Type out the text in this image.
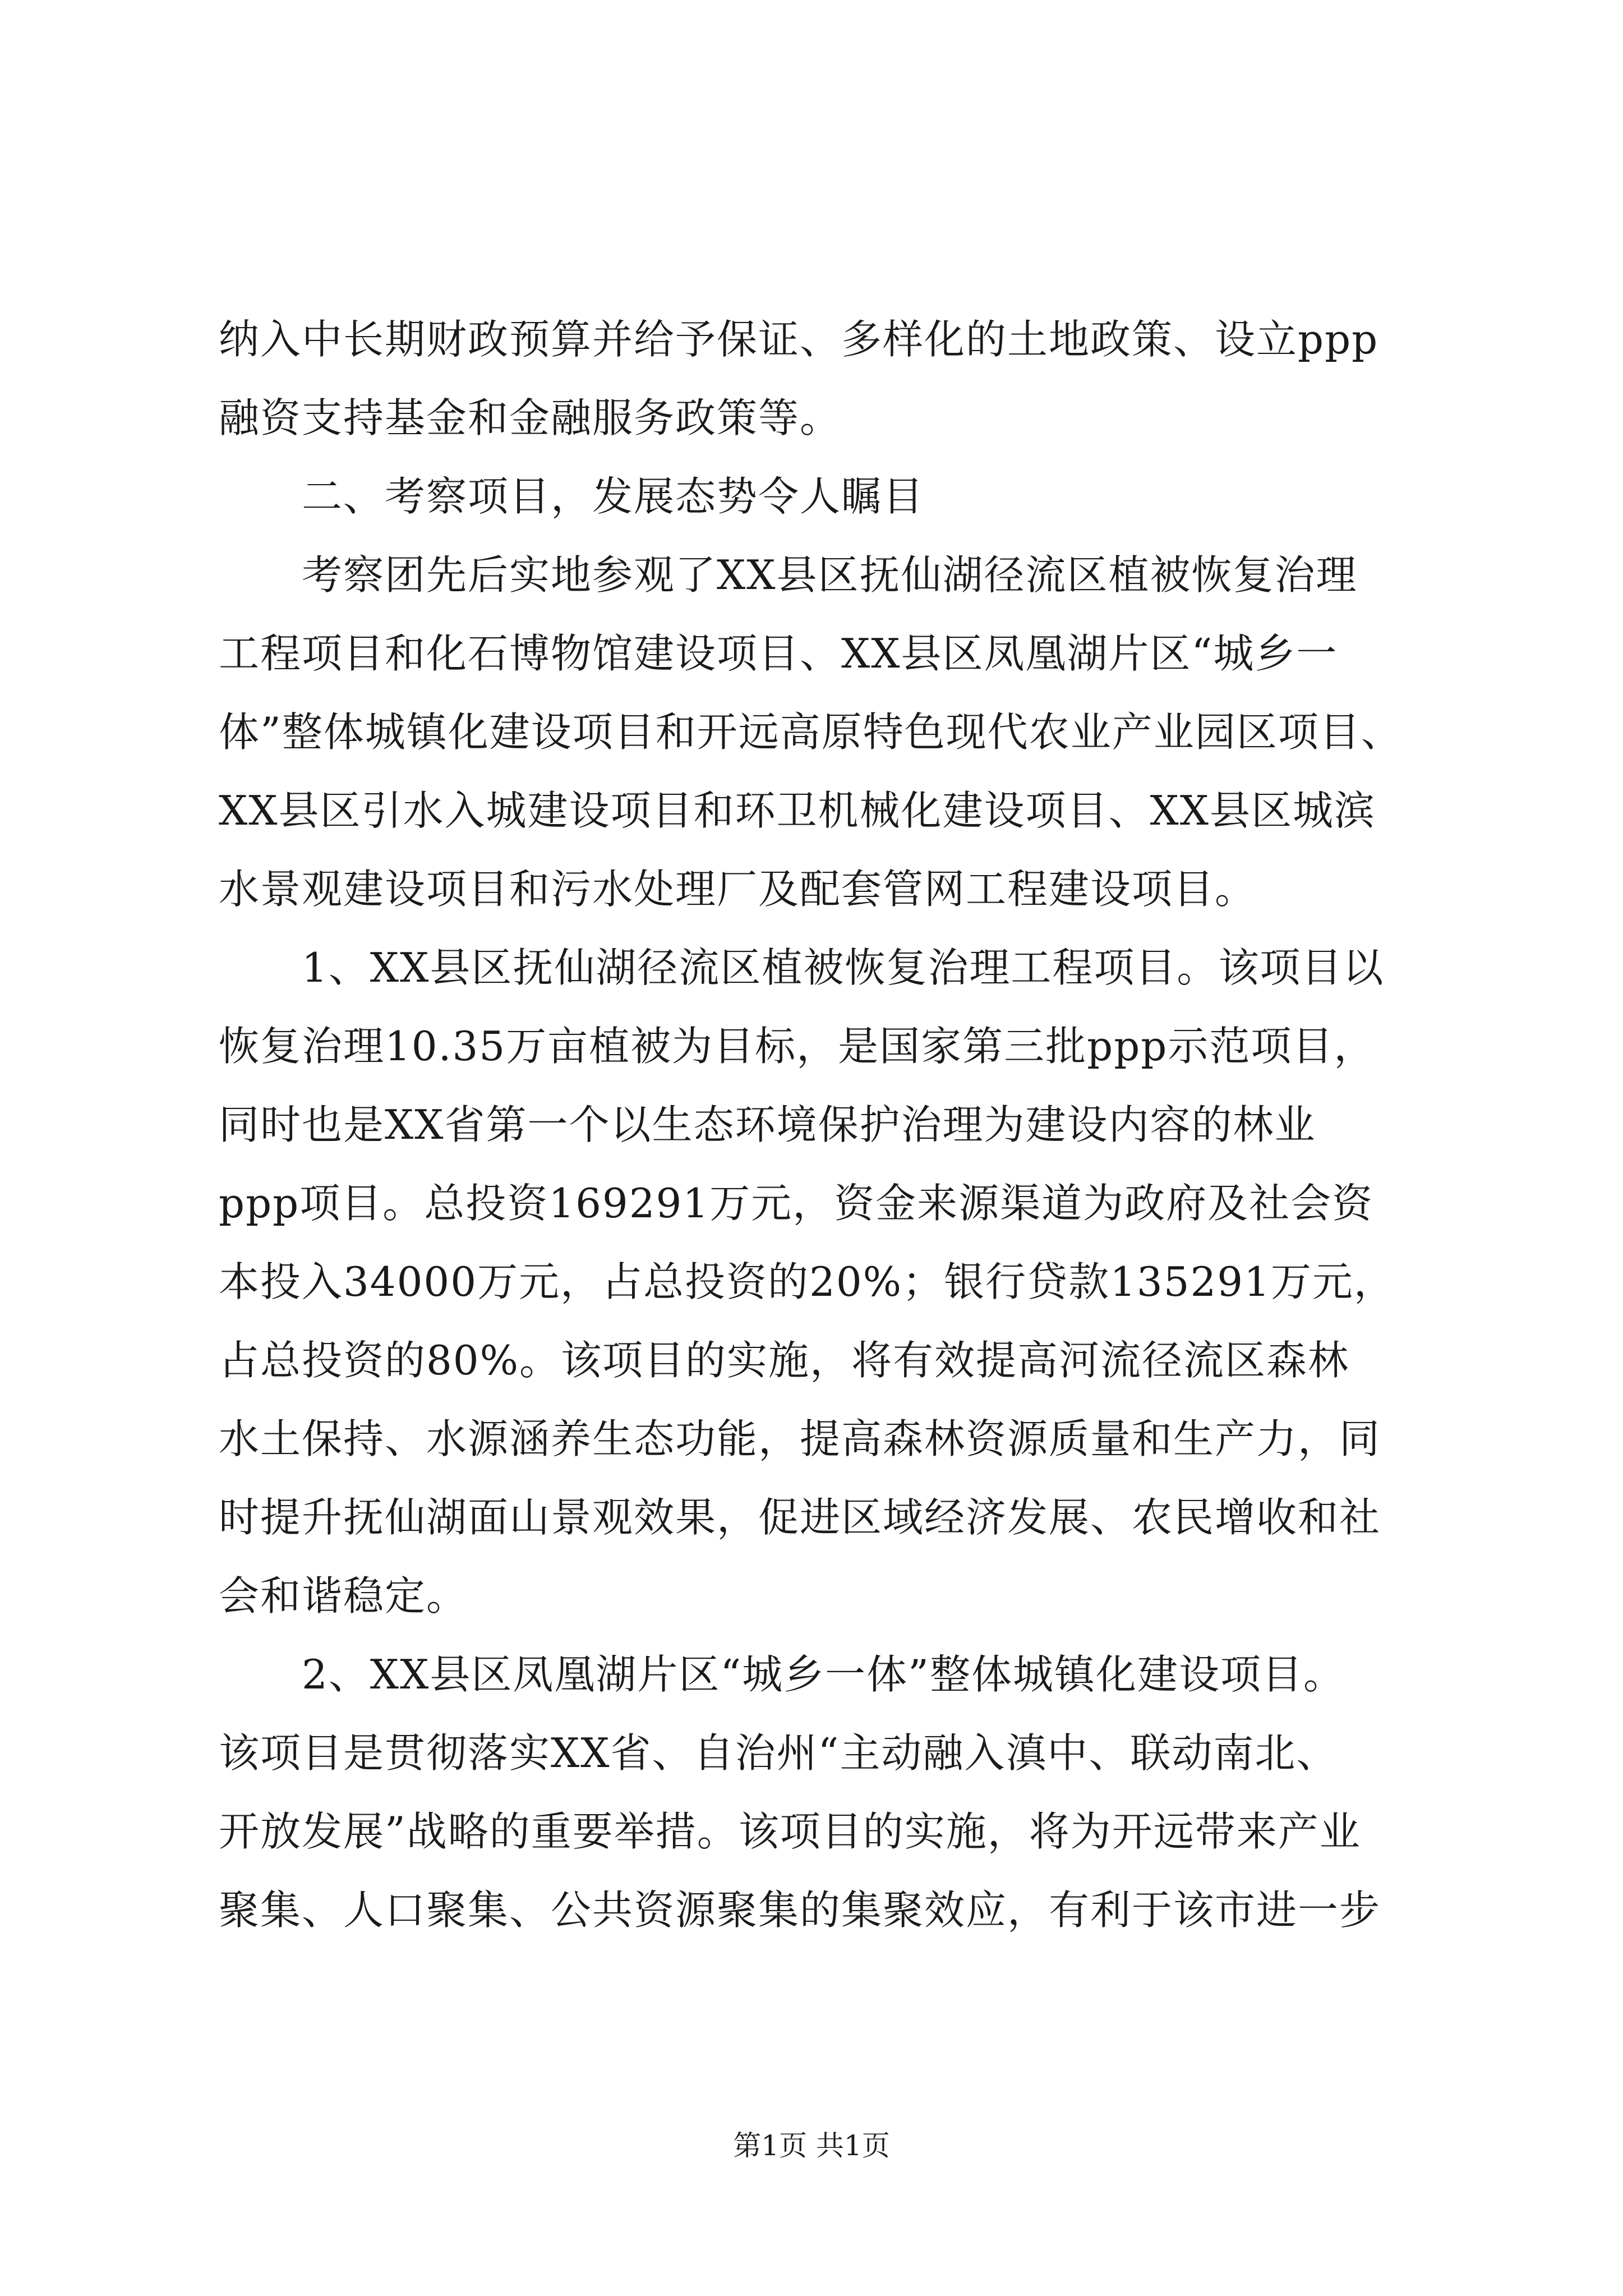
纳入中长期财政预算并给予保证、多样化的土地政策、设立ppp
融资支持基金和金融服务政策等。
　　二、考察项目，发展态势令人瞩目
　　考察团先后实地参观了XX县区抚仙湖径流区植被恢复治理
工程项目和化石博物馆建设项目、XX县区凤凰湖片区“城乡一
体”整体城镇化建设项目和开远高原特色现代农业产业园区项目、
XX县区引水入城建设项目和环卫机械化建设项目、XX县区城滨
水景观建设项目和污水处理厂及配套管网工程建设项目。
　　1、XX县区抚仙湖径流区植被恢复治理工程项目。该项目以
恢复治理10.35万亩植被为目标，是国家第三批ppp示范项目，
同时也是XX省第一个以生态环境保护治理为建设内容的林业
ppp项目。总投资169291万元，资金来源渠道为政府及社会资
本投入34000万元，占总投资的20%；银行贷款135291万元，
占总投资的80%。该项目的实施，将有效提高河流径流区森林
水土保持、水源涵养生态功能，提高森林资源质量和生产力，同
时提升抚仙湖面山景观效果，促进区域经济发展、农民增收和社
会和谐稳定。
　　2、XX县区凤凰湖片区“城乡一体”整体城镇化建设项目。
该项目是贯彻落实XX省、自治州“主动融入滇中、联动南北、
开放发展”战略的重要举措。该项目的实施，将为开远带来产业
聚集、人口聚集、公共资源聚集的集聚效应，有利于该市进一步
第1页 共1页
